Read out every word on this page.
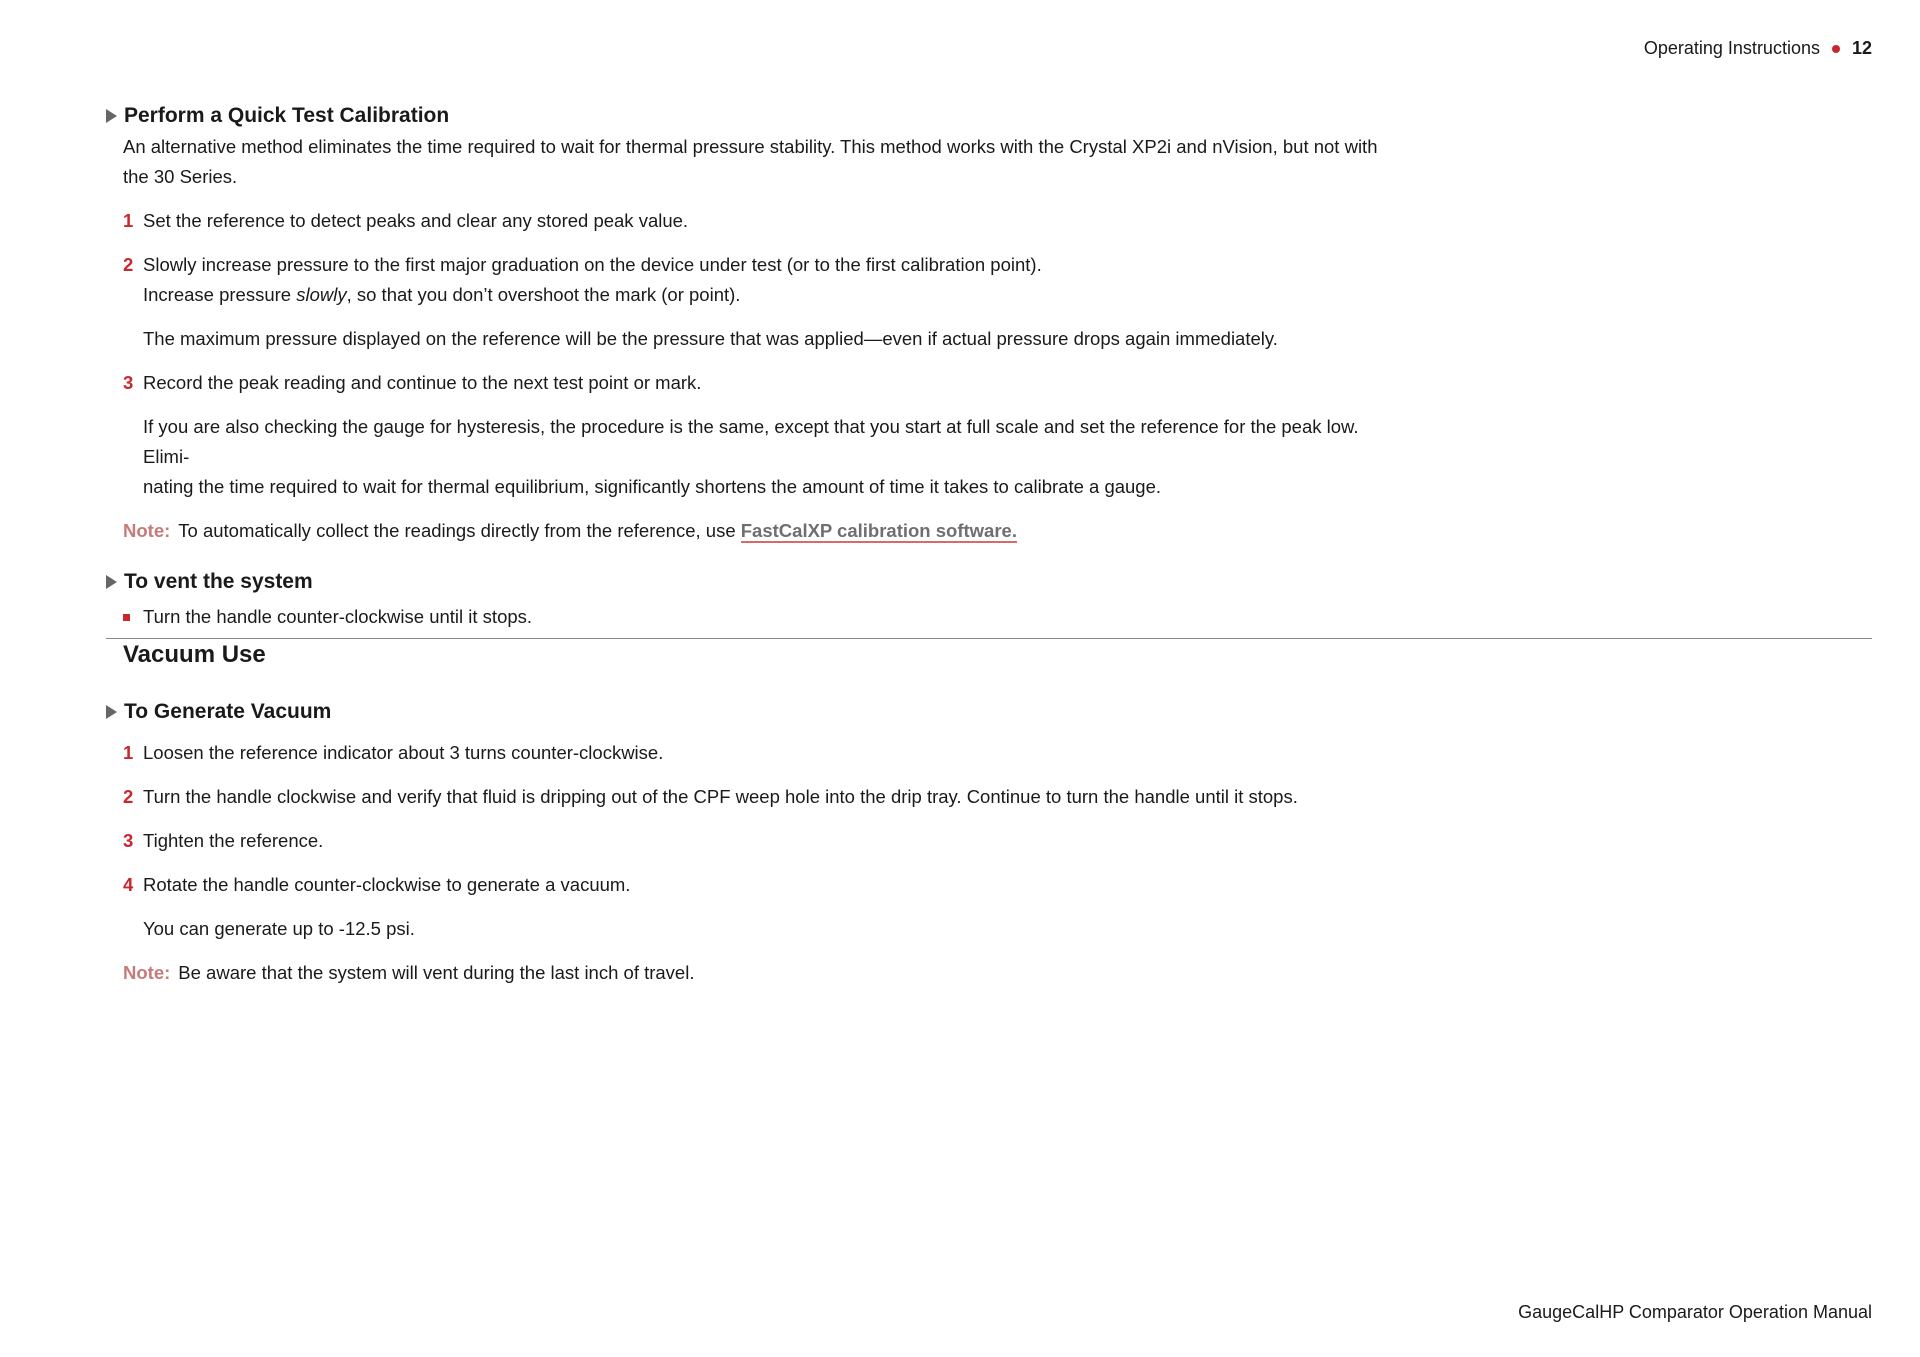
Operating Instructions 12
Perform a Quick Test Calibration

An alternative method eliminates the time required to wait for thermal pressure stability. This method works with the Crystal XP2i and nVision, but not with
the 30 Series.

1 Set the reference to detect peaks and clear any stored peak value.
2 Slowly increase pressure to the first major graduation on the device under test (or to the first calibration point).
Increase pressure slowly, so that you don’t overshoot the mark (or point).
The maximum pressure displayed on the reference will be the pressure that was applied—even if actual pressure drops again immediately.
3 Record the peak reading and continue to the next test point or mark.
If you are also checking the gauge for hysteresis, the procedure is the same, except that you start at full scale and set the reference for the peak low. Elimi-
nating the time required to wait for thermal equilibrium, significantly shortens the amount of time it takes to calibrate a gauge.
Note: To automatically collect the readings directly from the reference, use FastCalXP calibration software.
To vent the system
Turn the handle counter-clockwise until it stops.
Vacuum Use
To Generate Vacuum
1 Loosen the reference indicator about 3 turns counter-clockwise.
2 Turn the handle clockwise and verify that fluid is dripping out of the CPF weep hole into the drip tray. Continue to turn the handle until it stops.
3 Tighten the reference.
4 Rotate the handle counter-clockwise to generate a vacuum.
You can generate up to -12.5 psi.
Note: Be aware that the system will vent during the last inch of travel.
GaugeCalHP Comparator Operation Manual
